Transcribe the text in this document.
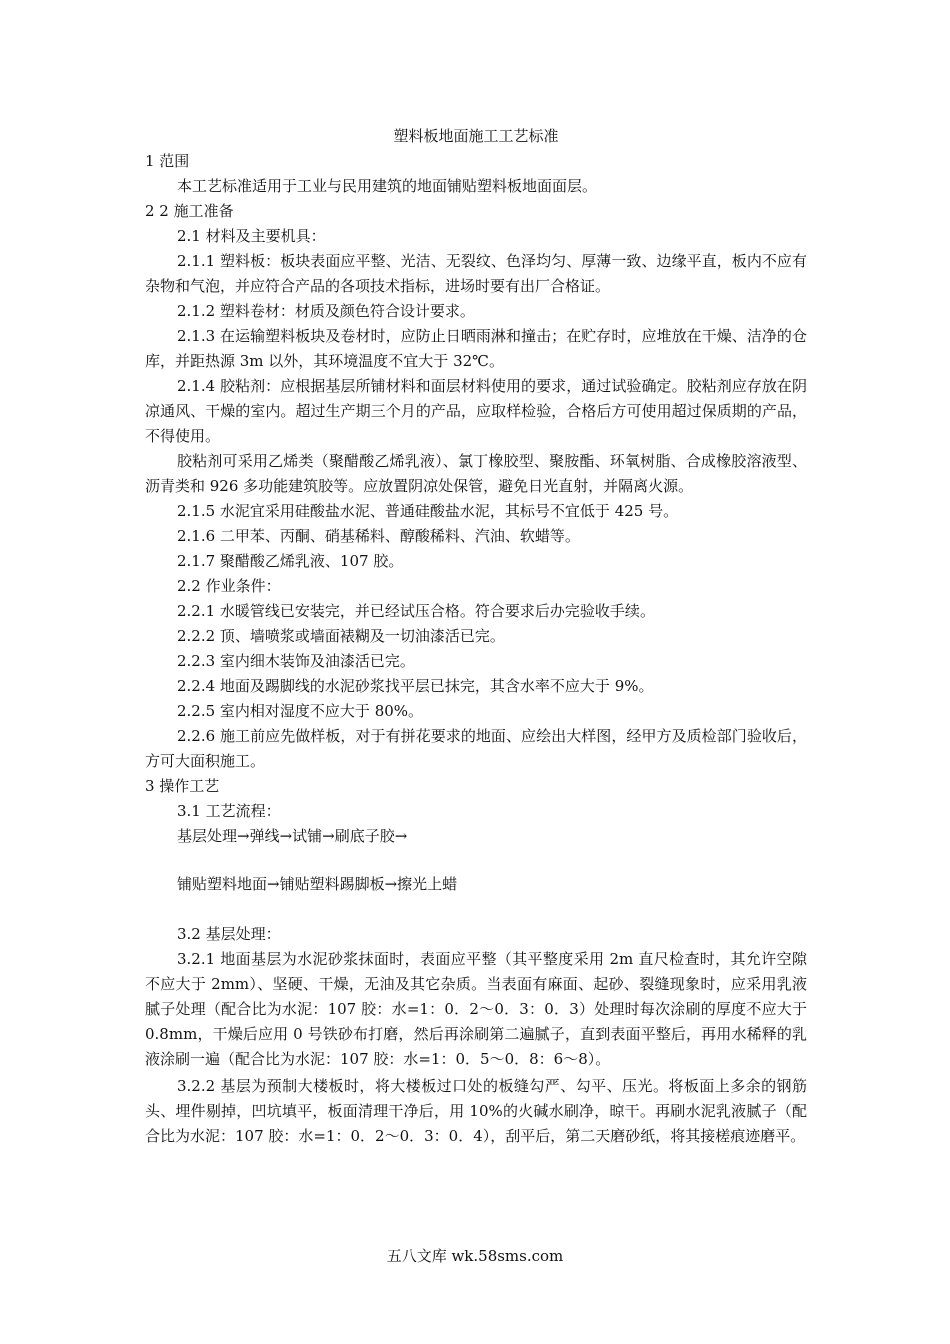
塑料板地面施工工艺标准

1 范围

本工艺标准适用于工业与民用建筑的地面铺贴塑料板地面面层。

2 2 施工准备

2.1 材料及主要机具：

2.1.1 塑料板：板块表面应平整、光洁、无裂纹、色泽均匀、厚薄一致、边缘平直，板内不应有杂物和气泡，并应符合产品的各项技术指标，进场时要有出厂合格证。

2.1.2 塑料卷材：材质及颜色符合设计要求。

2.1.3 在运输塑料板块及卷材时，应防止日晒雨淋和撞击；在贮存时，应堆放在干燥、洁净的仓库，并距热源 3m 以外，其环境温度不宜大于 32℃。

2.1.4 胶粘剂：应根据基层所铺材料和面层材料使用的要求，通过试验确定。胶粘剂应存放在阴凉通风、干燥的室内。超过生产期三个月的产品，应取样检验，合格后方可使用超过保质期的产品，不得使用。

胶粘剂可采用乙烯类（聚醋酸乙烯乳液）、氯丁橡胶型、聚胺酯、环氧树脂、合成橡胶溶液型、沥青类和 926 多功能建筑胶等。应放置阴凉处保管，避免日光直射，并隔离火源。

2.1.5 水泥宜采用硅酸盐水泥、普通硅酸盐水泥，其标号不宜低于 425 号。

2.1.6 二甲苯、丙酮、硝基稀料、醇酸稀料、汽油、软蜡等。

2.1.7 聚醋酸乙烯乳液、107 胶。

2.2 作业条件：

2.2.1 水暖管线已安装完，并已经试压合格。符合要求后办完验收手续。

2.2.2 顶、墙喷浆或墙面裱糊及一切油漆活已完。

2.2.3 室内细木装饰及油漆活已完。

2.2.4 地面及踢脚线的水泥砂浆找平层已抹完，其含水率不应大于 9%。

2.2.5 室内相对湿度不应大于 80%。

2.2.6 施工前应先做样板，对于有拼花要求的地面、应绘出大样图，经甲方及质检部门验收后，方可大面积施工。

3 操作工艺

3.1 工艺流程：

基层处理→弹线→试铺→刷底子胶→

铺贴塑料地面→铺贴塑料踢脚板→擦光上蜡

3.2 基层处理：

3.2.1 地面基层为水泥砂浆抹面时，表面应平整（其平整度采用 2m 直尺检查时，其允许空隙不应大于 2mm）、坚硬、干燥，无油及其它杂质。当表面有麻面、起砂、裂缝现象时，应采用乳液腻子处理（配合比为水泥：107 胶：水=1：0．2～0．3：0．3）处理时每次涂刷的厚度不应大于 0.8mm，干燥后应用 0 号铁砂布打磨，然后再涂刷第二遍腻子，直到表面平整后，再用水稀释的乳液涂刷一遍（配合比为水泥：107 胶：水=1：0．5～0．8：6～8）。

3.2.2 基层为预制大楼板时，将大楼板过口处的板缝勾严、勾平、压光。将板面上多余的钢筋头、埋件剔掉，凹坑填平，板面清理干净后，用 10%的火碱水刷净，晾干。再刷水泥乳液腻子（配合比为水泥：107 胶：水=1：0．2～0．3：0．4），刮平后，第二天磨砂纸，将其接槎痕迹磨平。

五八文库 wk.58sms.com
